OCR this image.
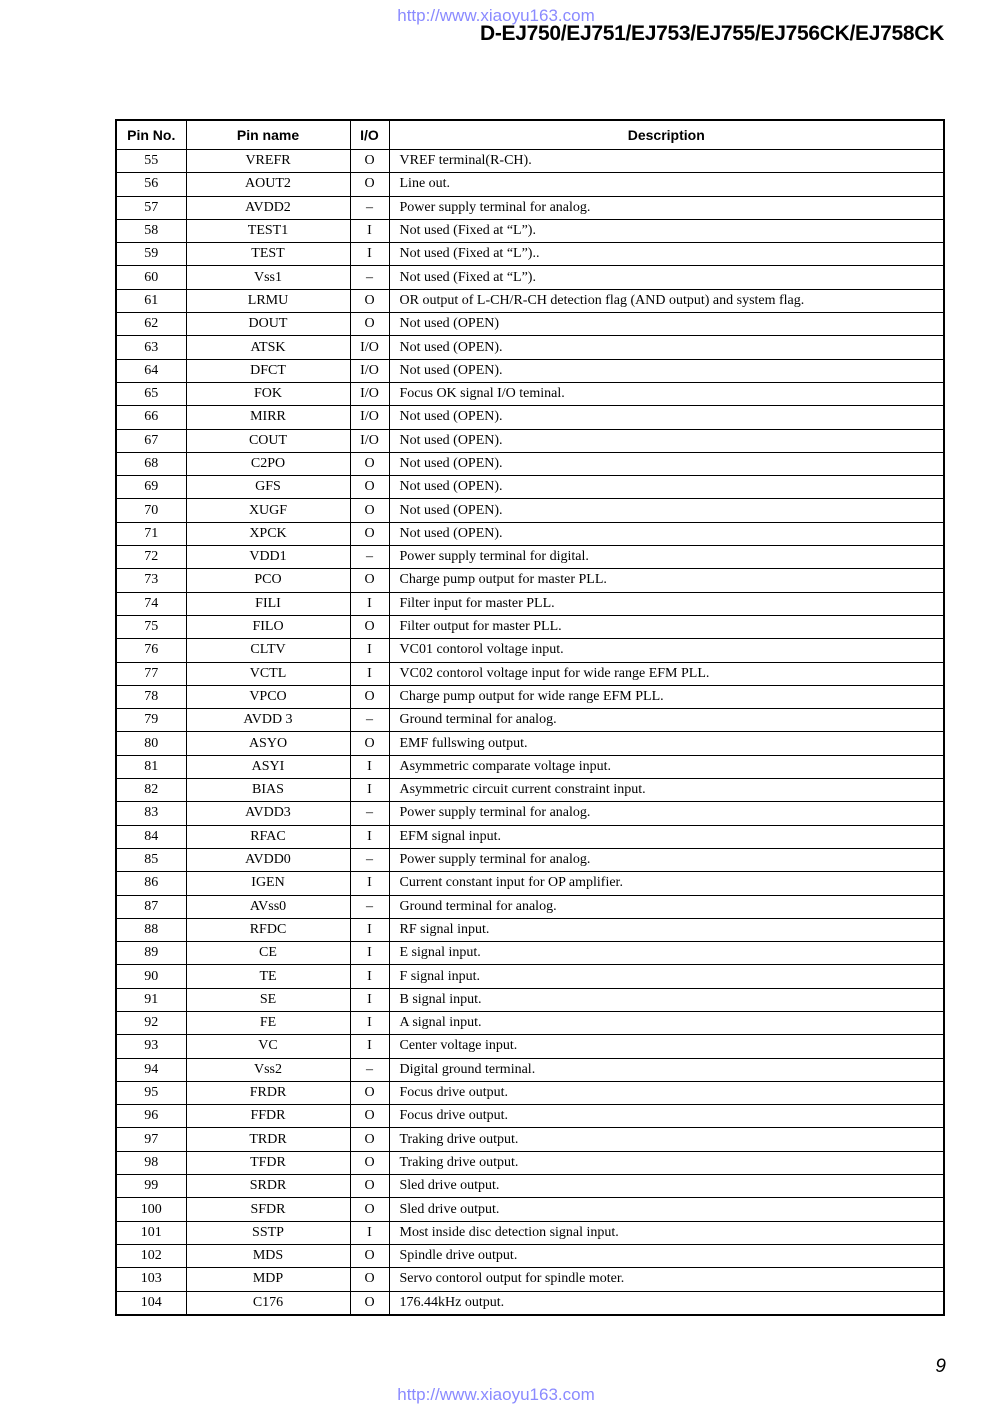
http://www.xiaoyu163.com
D-EJ750/EJ751/EJ753/EJ755/EJ756CK/EJ758CK
Pin No.	Pin name	I/O	Description
55	VREFR	O	VREF terminal(R-CH).
56	AOUT2	O	Line out.
57	AVDD2	–	Power supply terminal for analog.
58	TEST1	I	Not used (Fixed at “L”).
59	TEST	I	Not used (Fixed at “L”)..
60	Vss1	–	Not used (Fixed at “L”).
61	LRMU	O	OR output of L-CH/R-CH detection flag (AND output) and system flag.
62	DOUT	O	Not used (OPEN)
63	ATSK	I/O	Not used (OPEN).
64	DFCT	I/O	Not used (OPEN).
65	FOK	I/O	Focus OK signal I/O teminal.
66	MIRR	I/O	Not used (OPEN).
67	COUT	I/O	Not used (OPEN).
68	C2PO	O	Not used (OPEN).
69	GFS	O	Not used (OPEN).
70	XUGF	O	Not used (OPEN).
71	XPCK	O	Not used (OPEN).
72	VDD1	–	Power supply terminal for digital.
73	PCO	O	Charge pump output for master PLL.
74	FILI	I	Filter input for master PLL.
75	FILO	O	Filter output for master PLL.
76	CLTV	I	VC01 contorol voltage input.
77	VCTL	I	VC02 contorol voltage input for wide range EFM PLL.
78	VPCO	O	Charge pump output for wide range EFM PLL.
79	AVDD 3	–	Ground terminal for analog.
80	ASYO	O	EMF fullswing output.
81	ASYI	I	Asymmetric comparate voltage input.
82	BIAS	I	Asymmetric circuit current constraint input.
83	AVDD3	–	Power supply terminal for analog.
84	RFAC	I	EFM signal input.
85	AVDD0	–	Power supply terminal for analog.
86	IGEN	I	Current constant input for OP amplifier.
87	AVss0	–	Ground terminal for analog.
88	RFDC	I	RF signal input.
89	CE	I	E signal input.
90	TE	I	F signal input.
91	SE	I	B signal input.
92	FE	I	A signal input.
93	VC	I	Center voltage input.
94	Vss2	–	Digital ground terminal.
95	FRDR	O	Focus drive output.
96	FFDR	O	Focus drive output.
97	TRDR	O	Traking drive output.
98	TFDR	O	Traking drive output.
99	SRDR	O	Sled drive output.
100	SFDR	O	Sled drive output.
101	SSTP	I	Most inside disc detection signal input.
102	MDS	O	Spindle drive output.
103	MDP	O	Servo contorol output for spindle moter.
104	C176	O	176.44kHz output.
9
http://www.xiaoyu163.com
